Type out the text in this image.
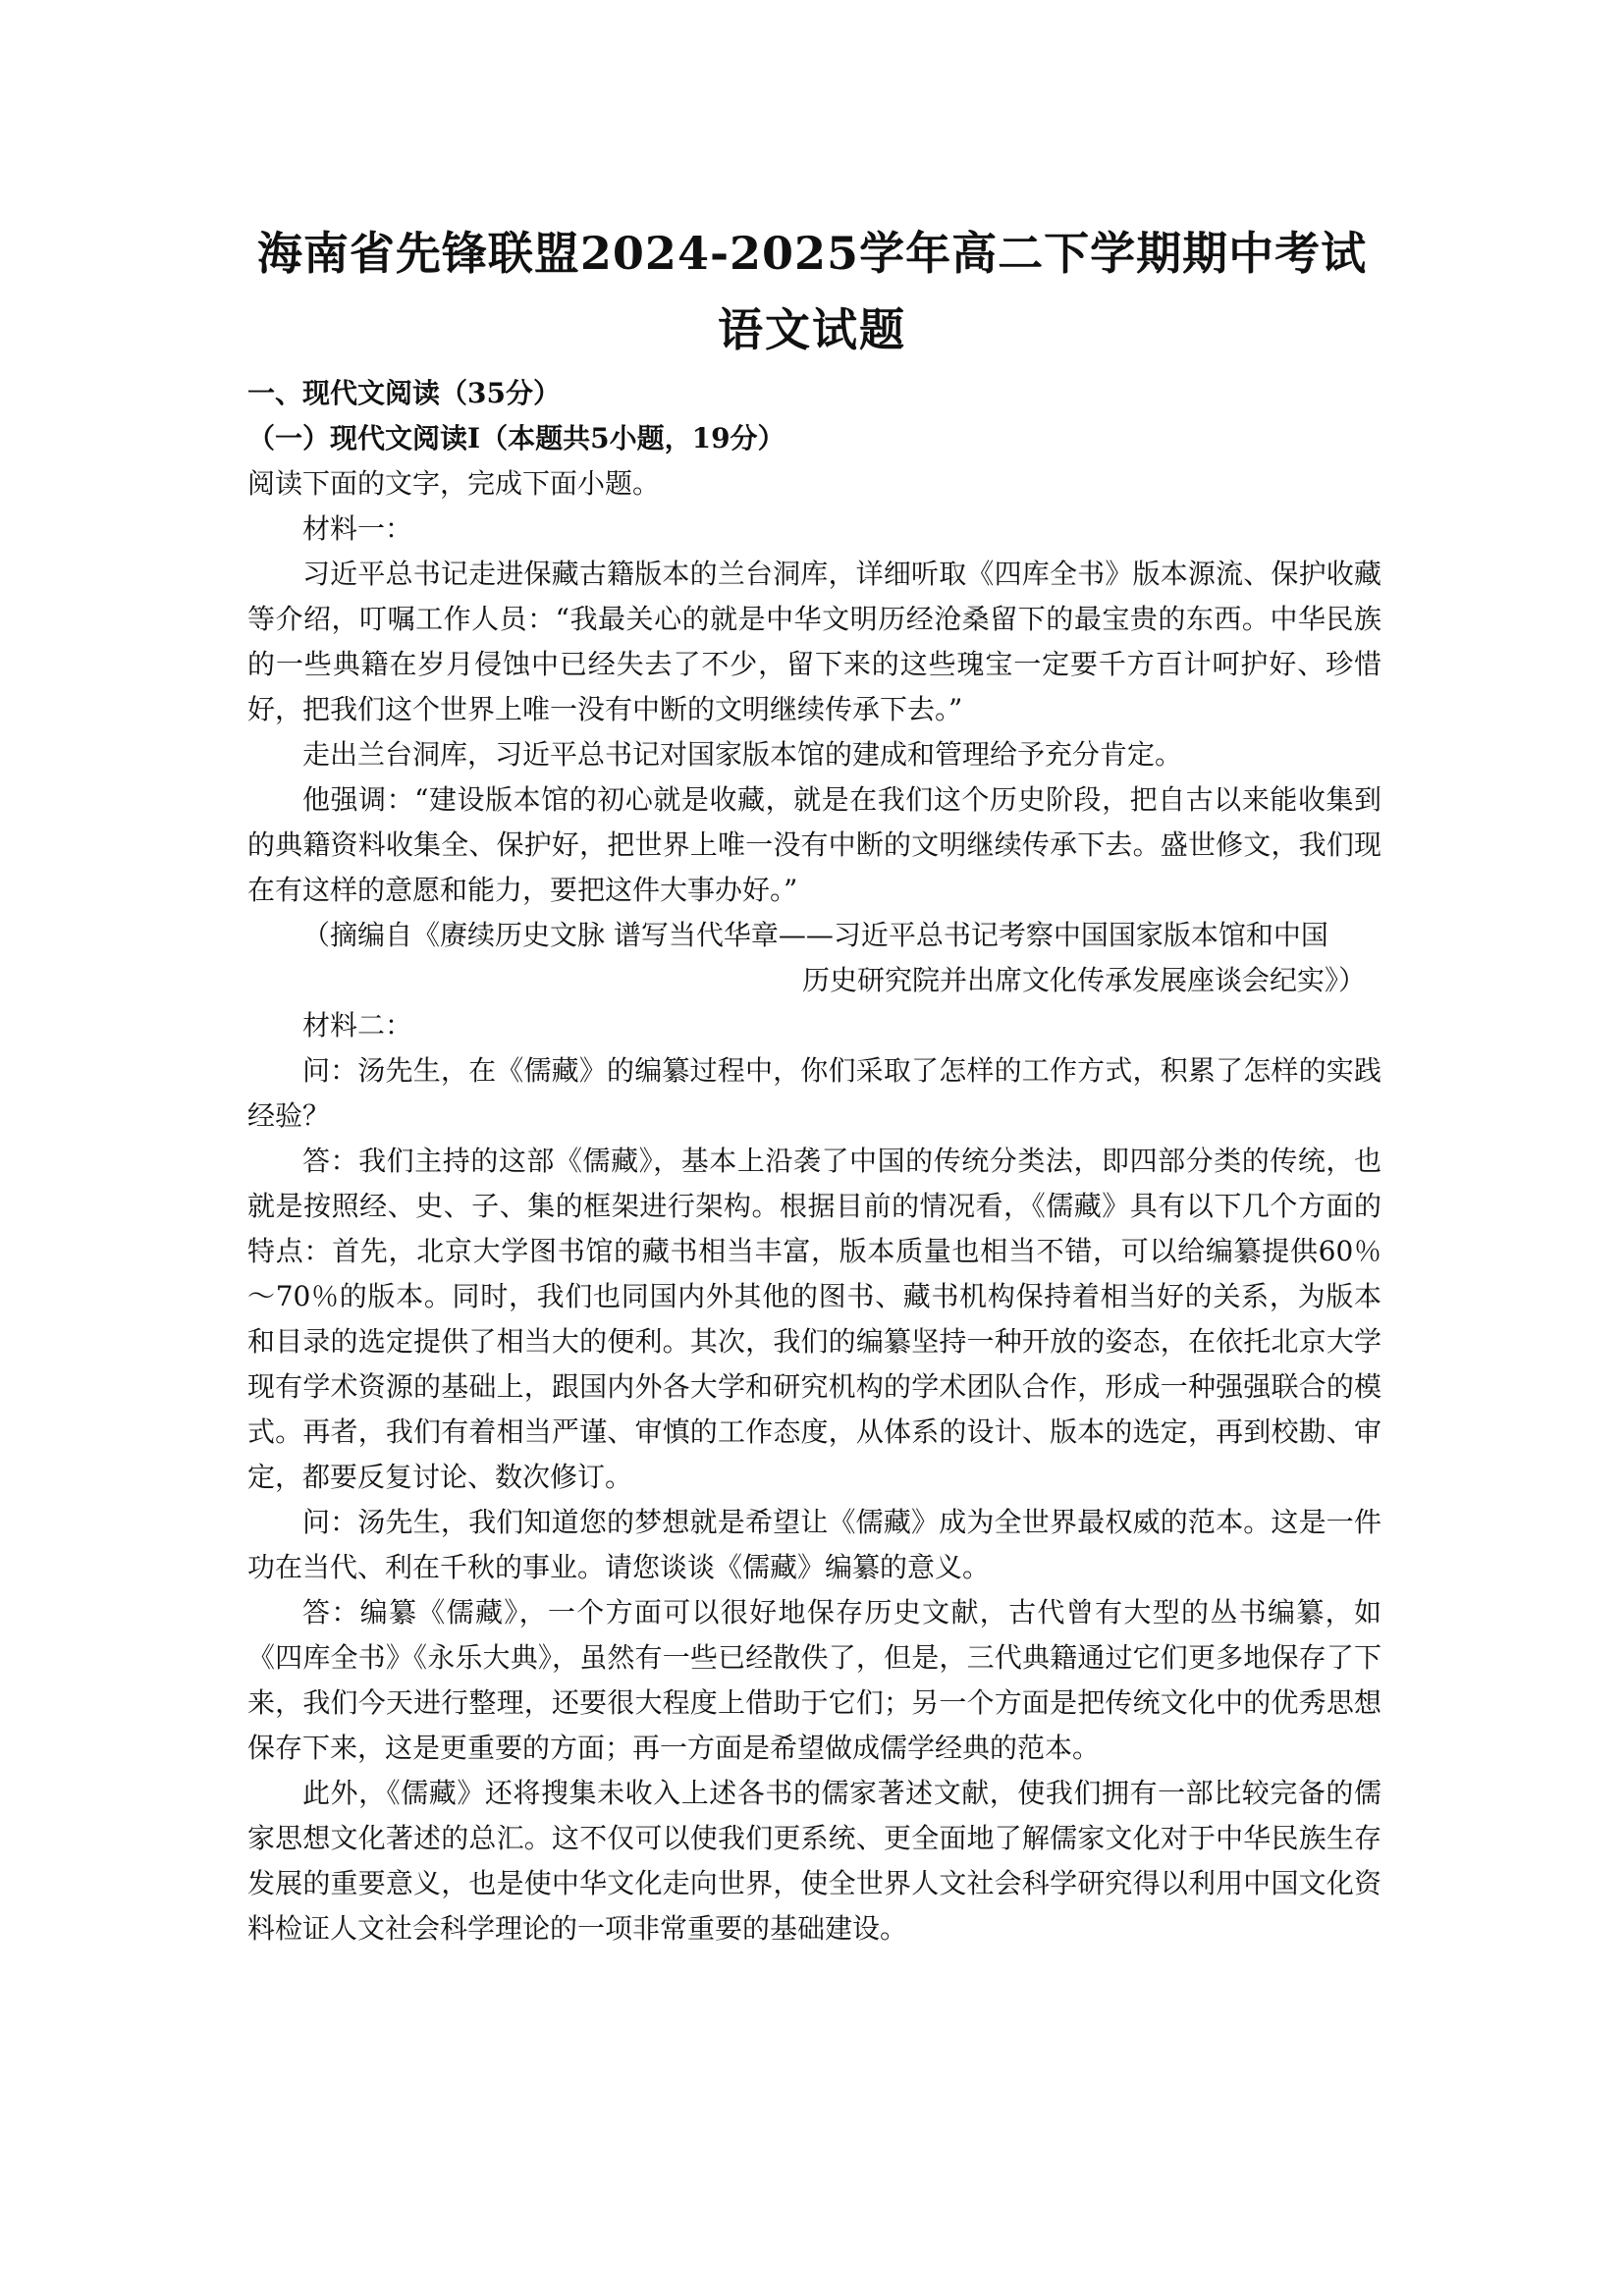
海南省先锋联盟2024-2025学年高二下学期期中考试
语文试题

一、现代文阅读（35分）

（一）现代文阅读Ⅰ（本题共5小题，19分）

阅读下面的文字，完成下面小题。

材料一：

习近平总书记走进保藏古籍版本的兰台洞库，详细听取《四库全书》版本源流、保护收藏等介绍，叮嘱工作人员：“我最关心的就是中华文明历经沧桑留下的最宝贵的东西。中华民族的一些典籍在岁月侵蚀中已经失去了不少，留下来的这些瑰宝一定要千方百计呵护好、珍惜好，把我们这个世界上唯一没有中断的文明继续传承下去。”

走出兰台洞库，习近平总书记对国家版本馆的建成和管理给予充分肯定。

他强调：“建设版本馆的初心就是收藏，就是在我们这个历史阶段，把自古以来能收集到的典籍资料收集全、保护好，把世界上唯一没有中断的文明继续传承下去。盛世修文，我们现在有这样的意愿和能力，要把这件大事办好。”

（摘编自《赓续历史文脉 谱写当代华章——习近平总书记考察中国国家版本馆和中国

历史研究院并出席文化传承发展座谈会纪实》）

材料二：

问：汤先生，在《儒藏》的编纂过程中，你们采取了怎样的工作方式，积累了怎样的实践经验？

答：我们主持的这部《儒藏》，基本上沿袭了中国的传统分类法，即四部分类的传统，也就是按照经、史、子、集的框架进行架构。根据目前的情况看，《儒藏》具有以下几个方面的特点：首先，北京大学图书馆的藏书相当丰富，版本质量也相当不错，可以给编纂提供60％～70％的版本。同时，我们也同国内外其他的图书、藏书机构保持着相当好的关系，为版本和目录的选定提供了相当大的便利。其次，我们的编纂坚持一种开放的姿态，在依托北京大学现有学术资源的基础上，跟国内外各大学和研究机构的学术团队合作，形成一种强强联合的模式。再者，我们有着相当严谨、审慎的工作态度，从体系的设计、版本的选定，再到校勘、审定，都要反复讨论、数次修订。

问：汤先生，我们知道您的梦想就是希望让《儒藏》成为全世界最权威的范本。这是一件功在当代、利在千秋的事业。请您谈谈《儒藏》编纂的意义。

答：编纂《儒藏》，一个方面可以很好地保存历史文献，古代曾有大型的丛书编纂，如《四库全书》《永乐大典》，虽然有一些已经散佚了，但是，三代典籍通过它们更多地保存了下来，我们今天进行整理，还要很大程度上借助于它们；另一个方面是把传统文化中的优秀思想保存下来，这是更重要的方面；再一方面是希望做成儒学经典的范本。

此外，《儒藏》还将搜集未收入上述各书的儒家著述文献，使我们拥有一部比较完备的儒家思想文化著述的总汇。这不仅可以使我们更系统、更全面地了解儒家文化对于中华民族生存发展的重要意义，也是使中华文化走向世界，使全世界人文社会科学研究得以利用中国文化资料检证人文社会科学理论的一项非常重要的基础建设。
